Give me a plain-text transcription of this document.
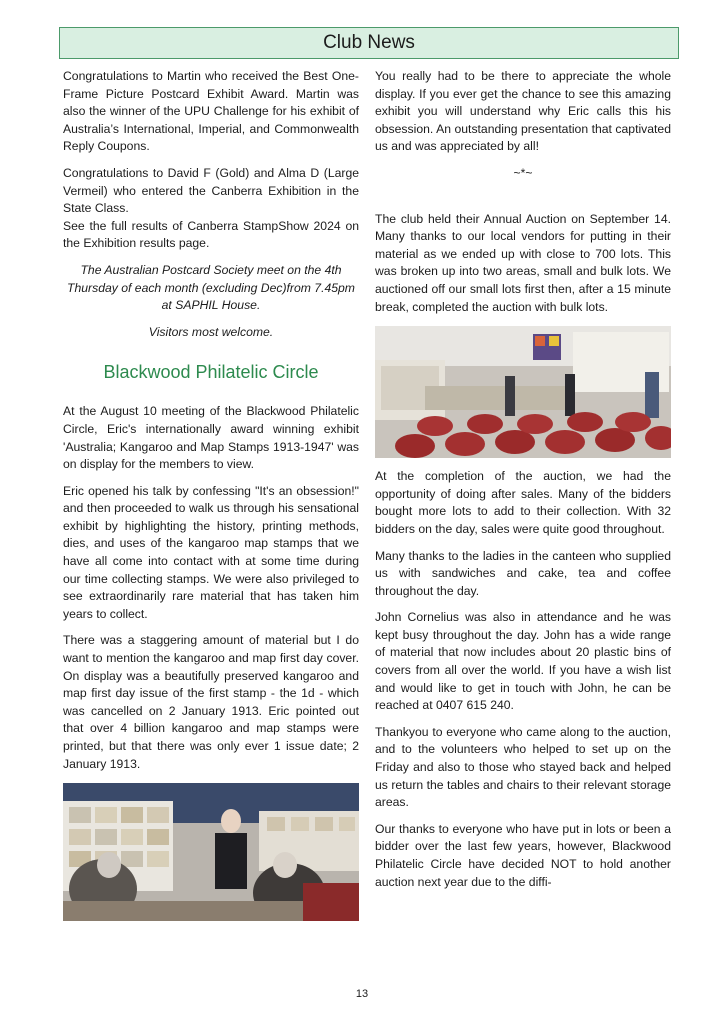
Club News

Congratulations to Martin who received the Best One-Frame Picture Postcard Exhibit Award. Martin was also the winner of the UPU Challenge for his exhibit of Australia’s International, Imperial, and Commonwealth Reply Coupons.

Congratulations to David F (Gold) and Alma D (Large Vermeil) who entered the Canberra Exhibition in the State Class.

See the full results of Canberra StampShow 2024 on the Exhibition results page.

The Australian Postcard Society meet on the 4th Thursday of each month (excluding Dec)from 7.45pm at SAPHIL House.

Visitors most welcome.

Blackwood Philatelic Circle

At the August 10 meeting of the Blackwood Philatelic Circle, Eric's internationally award winning exhibit 'Australia; Kangaroo and Map Stamps 1913-1947' was on display for the members to view.

Eric opened his talk by confessing "It's an obsession!" and then proceeded to walk us through his sensational exhibit by highlighting the history, printing methods, dies, and uses of the kangaroo map stamps that we have all come into contact with at some time during our time collecting stamps. We were also privileged to see extraordinarily rare material that has taken him years to collect.

There was a staggering amount of material but I do want to mention the kangaroo and map first day cover. On display was a beautifully preserved kangaroo and map first day issue of the first stamp - the 1d - which was cancelled on 2 January 1913. Eric pointed out that over 4 billion kangaroo and map stamps were printed, but that there was only ever 1 issue date; 2 January 1913.

You really had to be there to appreciate the whole display. If you ever get the chance to see this amazing exhibit you will understand why Eric calls this his obsession. An outstanding presentation that captivated us and was appreciated by all!

~*~

The club held their Annual Auction on September 14. Many thanks to our local vendors for putting in their material as we ended up with close to 700 lots. This was broken up into two areas, small and bulk lots. We auctioned off our small lots first then, after a 15 minute break, completed the auction with bulk lots.

At the completion of the auction, we had the opportunity of doing after sales. Many of the bidders bought more lots to add to their collection. With 32 bidders on the day, sales were quite good throughout.

Many thanks to the ladies in the canteen who supplied us with sandwiches and cake, tea and coffee throughout the day.

John Cornelius was also in attendance and he was kept busy throughout the day. John has a wide range of material that now includes about 20 plastic bins of covers from all over the world. If you have a wish list and would like to get in touch with John, he can be reached at 0407 615 240.

Thankyou to everyone who came along to the auction, and to the volunteers who helped to set up on the Friday and also to those who stayed back and helped us return the tables and chairs to their relevant storage areas.

Our thanks to everyone who have put in lots or been a bidder over the last few years, however, Blackwood Philatelic Circle have decided NOT to hold another auction next year due to the diffi-

13
